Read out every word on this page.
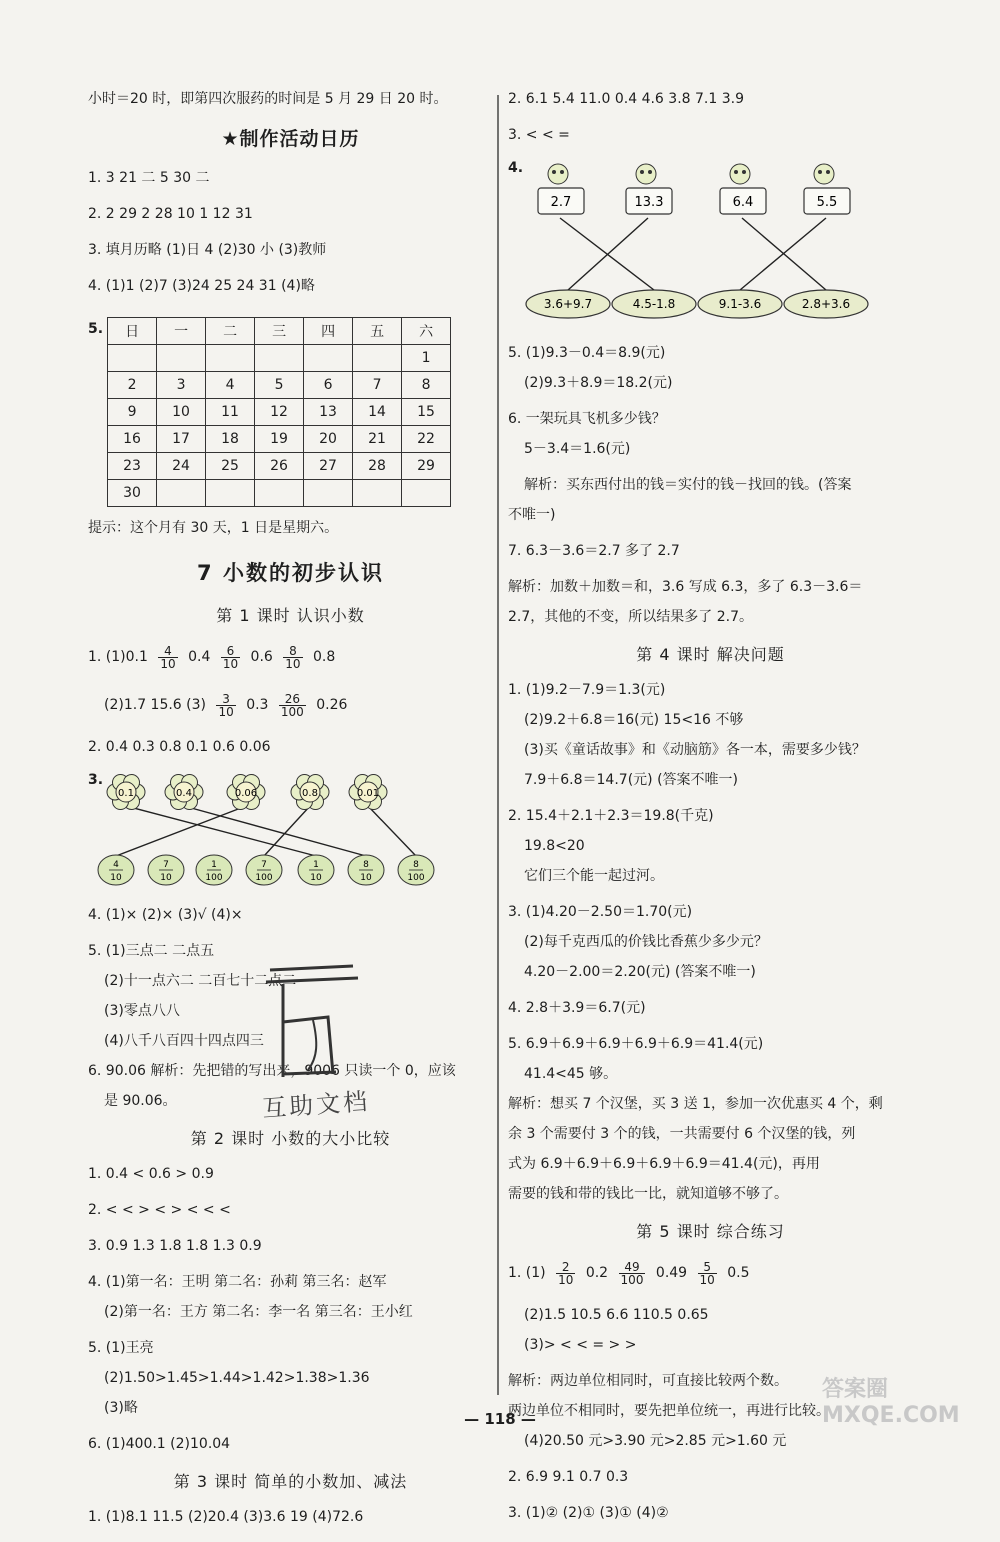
小时＝20 时，即第四次服药的时间是 5 月 29 日 20 时。
★制作活动日历
1. 3 21 二 5 30 二
2. 2 29 2 28 10 1 12 31
3. 填月历略 (1)日 4 (2)30 小 (3)教师
4. (1)1 (2)7 (3)24 25 24 31 (4)略
5. 日	一	二	三	四	五	六
						1
2	3	4	5	6	7	8
9	10	11	12	13	14	15
16	17	18	19	20	21	22
23	24	25	26	27	28	29
30						
提示：这个月有 30 天，1 日是星期六。
7 小数的初步认识
第 1 课时 认识小数
1. $(1)0.1 \frac{4}{10} 0.4 \frac{6}{10} 0.6 \frac{8}{10} 0.8$
(2)1.7 15.6 $(3) \frac{3}{10} 0.3 \frac{26}{100} 0.26$
2. 0.4 0.3 0.8 0.1 0.6 0.06
3.
0.1	0.4	0.06	0.8	0.01
4
10
7
10
1
100
7
100
1
10
8
10
8
100
4. (1)× (2)× (3)√ (4)×
5. (1)三点二 二点五
(2)十一点六二 二百七十二点二
(3)零点八八
(4)八千八百四十四点四三
6. 90.06 解析：先把错的写出来，9006 只读一个 0，应该
是 90.06。
第 2 课时 小数的大小比较
1. 0.4 < 0.6 > 0.9
2. < < > < > < < <
3. 0.9 1.3 1.8 1.8 1.3 0.9
4. (1)第一名：王明 第二名：孙莉 第三名：赵军
(2)第一名：王方 第二名：李一名 第三名：王小红
5. (1)王亮
(2)1.50>1.45>1.44>1.42>1.38>1.36
(3)略
6. (1)400.1 (2)10.04
第 3 课时 简单的小数加、减法
1. (1)8.1 11.5 (2)20.4 (3)3.6 19 (4)72.6
互助文档
2. 6.1 5.4 11.0 0.4 4.6 3.8 7.1 3.9
3. < < =
4.
2.7	13.3	6.4	5.5
3.6+9.7	4.5-1.8	9.1-3.6	2.8+3.6
5. (1)9.3－0.4＝8.9(元)
(2)9.3＋8.9＝18.2(元)
6. 一架玩具飞机多少钱？
5－3.4＝1.6(元)
解析：买东西付出的钱＝实付的钱－找回的钱。(答案
不唯一)
7. 6.3－3.6＝2.7 多了 2.7
解析：加数＋加数＝和，3.6 写成 6.3，多了 6.3－3.6＝
2.7，其他的不变，所以结果多了 2.7。
第 4 课时 解决问题
1. (1)9.2－7.9＝1.3(元)
(2)9.2＋6.8＝16(元) 15<16 不够
(3)买《童话故事》和《动脑筋》各一本，需要多少钱？
7.9＋6.8＝14.7(元) (答案不唯一)
2. 15.4＋2.1＋2.3＝19.8(千克)
19.8<20
它们三个能一起过河。
3. (1)4.20－2.50＝1.70(元)
(2)每千克西瓜的价钱比香蕉少多少元？
4.20－2.00＝2.20(元) (答案不唯一)
4. 2.8＋3.9＝6.7(元)
5. 6.9＋6.9＋6.9＋6.9＋6.9＝41.4(元)
41.4<45 够。
解析：想买 7 个汉堡，买 3 送 1，参加一次优惠买 4 个，剩
余 3 个需要付 3 个的钱，一共需要付 6 个汉堡的钱，列
式为 6.9＋6.9＋6.9＋6.9＋6.9＝41.4(元)，再用
需要的钱和带的钱比一比，就知道够不够了。
第 5 课时 综合练习
1. $(1) \frac{2}{10} 0.2 \frac{49}{100} 0.49 \frac{5}{10} 0.5$
(2)1.5 10.5 6.6 110.5 0.65
(3)> < < = > >
解析：两边单位相同时，可直接比较两个数。
两边单位不相同时，要先把单位统一，再进行比较。
(4)20.50 元>3.90 元>2.85 元>1.60 元
2. 6.9 9.1 0.7 0.3
3. (1)② (2)① (3)① (4)②
— 118 —
答案圈 MXQE.COM
